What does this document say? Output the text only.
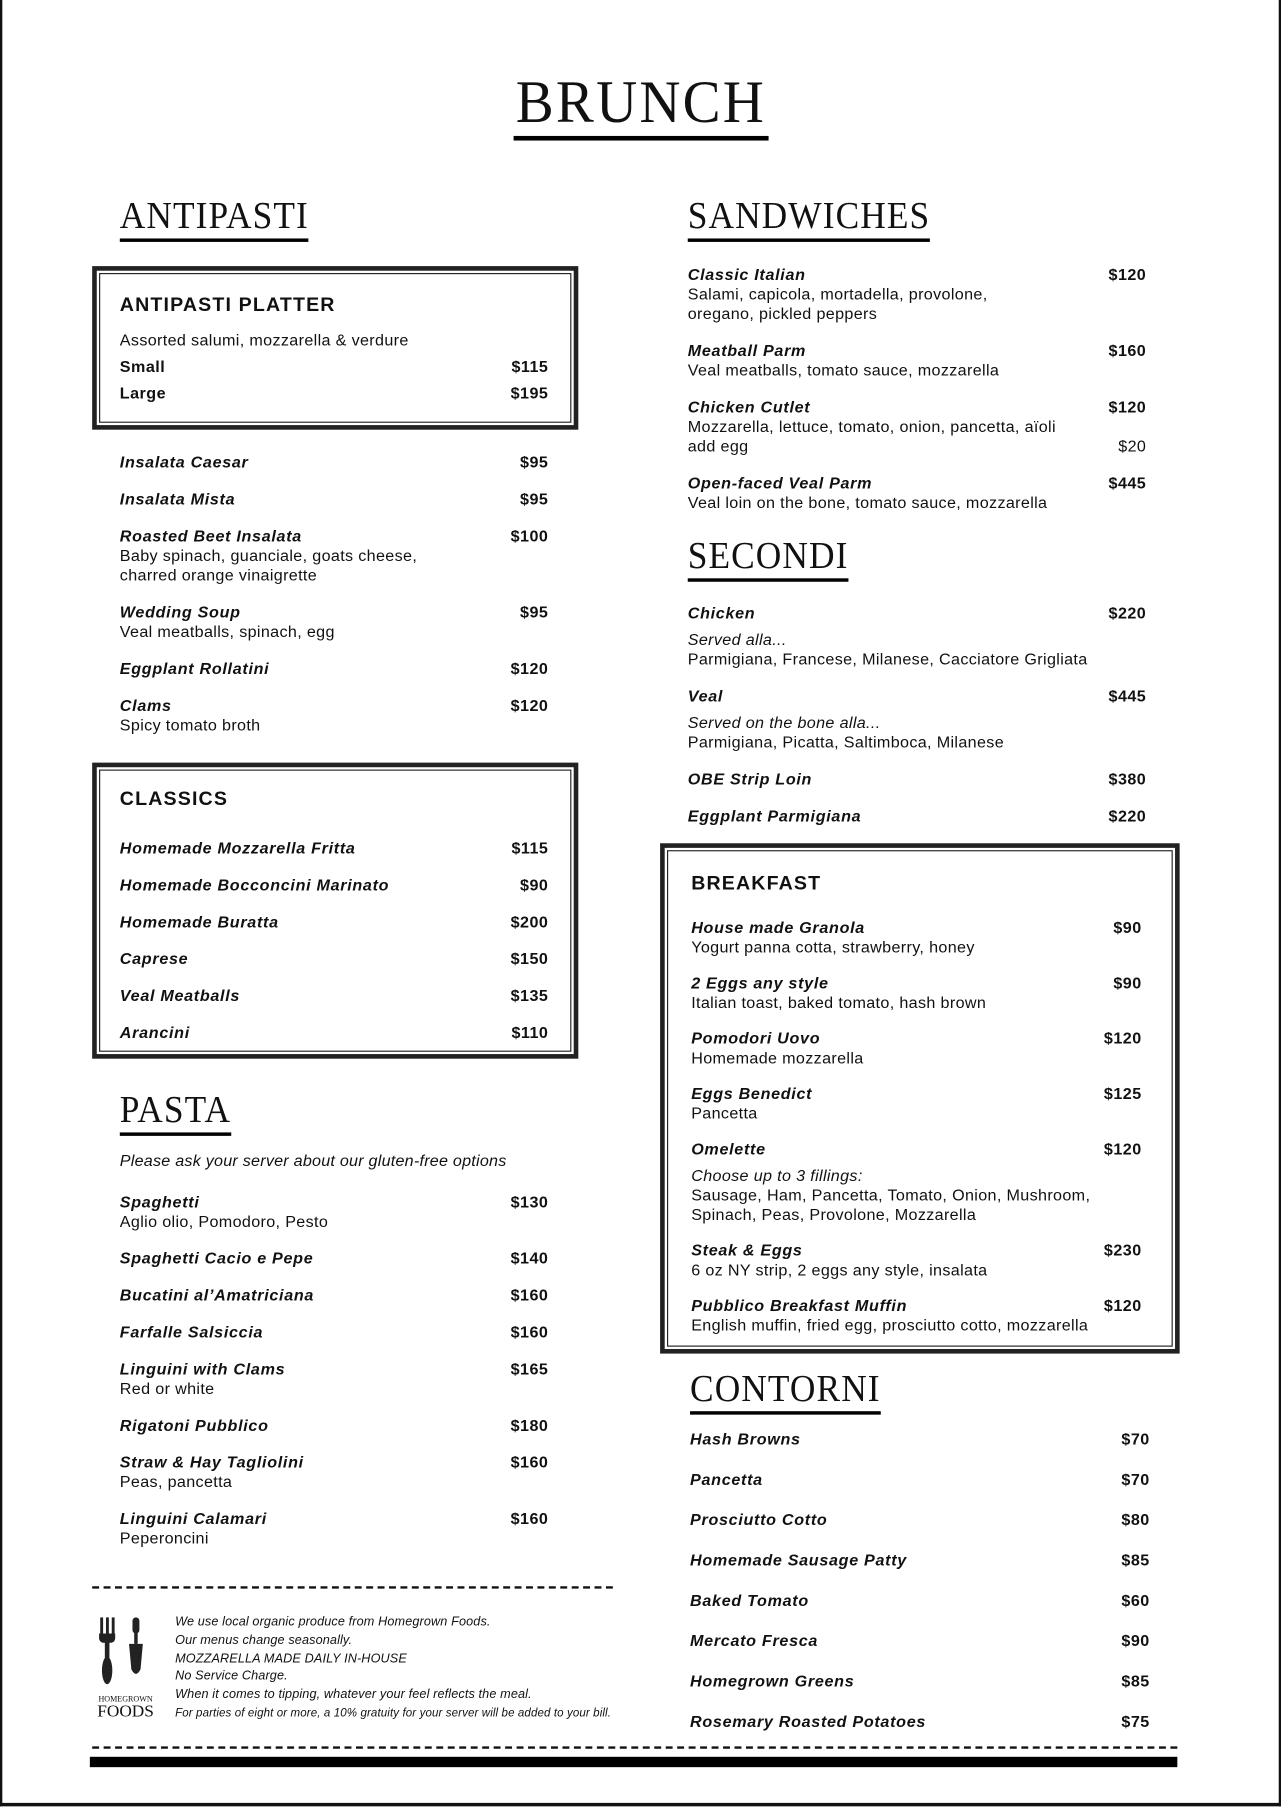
BRUNCH
ANTIPASTI
ANTIPASTI PLATTER
Assorted salumi, mozzarella & verdure
Small	$115
Large	$195
Insalata Caesar	$95
Insalata Mista	$95
Roasted Beet Insalata	$100
Baby spinach, guanciale, goats cheese,
charred orange vinaigrette
Wedding Soup	$95
Veal meatballs, spinach, egg
Eggplant Rollatini	$120
Clams	$120
Spicy tomato broth
CLASSICS
Homemade Mozzarella Fritta	$115
Homemade Bocconcini Marinato	$90
Homemade Buratta	$200
Caprese	$150
Veal Meatballs	$135
Arancini	$110
PASTA
Please ask your server about our gluten-free options
Spaghetti	$130
Aglio olio, Pomodoro, Pesto
Spaghetti Cacio e Pepe	$140
Bucatini al’Amatriciana	$160
Farfalle Salsiccia	$160
Linguini with Clams	$165
Red or white
Rigatoni Pubblico	$180
Straw & Hay Tagliolini	$160
Peas, pancetta
Linguini Calamari	$160
Peperoncini
HOMEGROWN
FOODS
We use local organic produce from Homegrown Foods.
Our menus change seasonally.
MOZZARELLA MADE DAILY IN-HOUSE
No Service Charge.
When it comes to tipping, whatever your feel reflects the meal.
For parties of eight or more, a 10% gratuity for your server will be added to your bill.
SANDWICHES
Classic Italian	$120
Salami, capicola, mortadella, provolone,
oregano, pickled peppers
Meatball Parm	$160
Veal meatballs, tomato sauce, mozzarella
Chicken Cutlet	$120
Mozzarella, lettuce, tomato, onion, pancetta, aïoli
add egg	$20
Open-faced Veal Parm	$445
Veal loin on the bone, tomato sauce, mozzarella
SECONDI
Chicken	$220
Served alla...
Parmigiana, Francese, Milanese, Cacciatore Grigliata
Veal	$445
Served on the bone alla...
Parmigiana, Picatta, Saltimboca, Milanese
OBE Strip Loin	$380
Eggplant Parmigiana	$220
BREAKFAST
House made Granola	$90
Yogurt panna cotta, strawberry, honey
2 Eggs any style	$90
Italian toast, baked tomato, hash brown
Pomodori Uovo	$120
Homemade mozzarella
Eggs Benedict	$125
Pancetta
Omelette	$120
Choose up to 3 fillings:
Sausage, Ham, Pancetta, Tomato, Onion, Mushroom,
Spinach, Peas, Provolone, Mozzarella
Steak & Eggs	$230
6 oz NY strip, 2 eggs any style, insalata
Pubblico Breakfast Muffin	$120
English muffin, fried egg, prosciutto cotto, mozzarella
CONTORNI
Hash Browns	$70
Pancetta	$70
Prosciutto Cotto	$80
Homemade Sausage Patty	$85
Baked Tomato	$60
Mercato Fresca	$90
Homegrown Greens	$85
Rosemary Roasted Potatoes	$75
